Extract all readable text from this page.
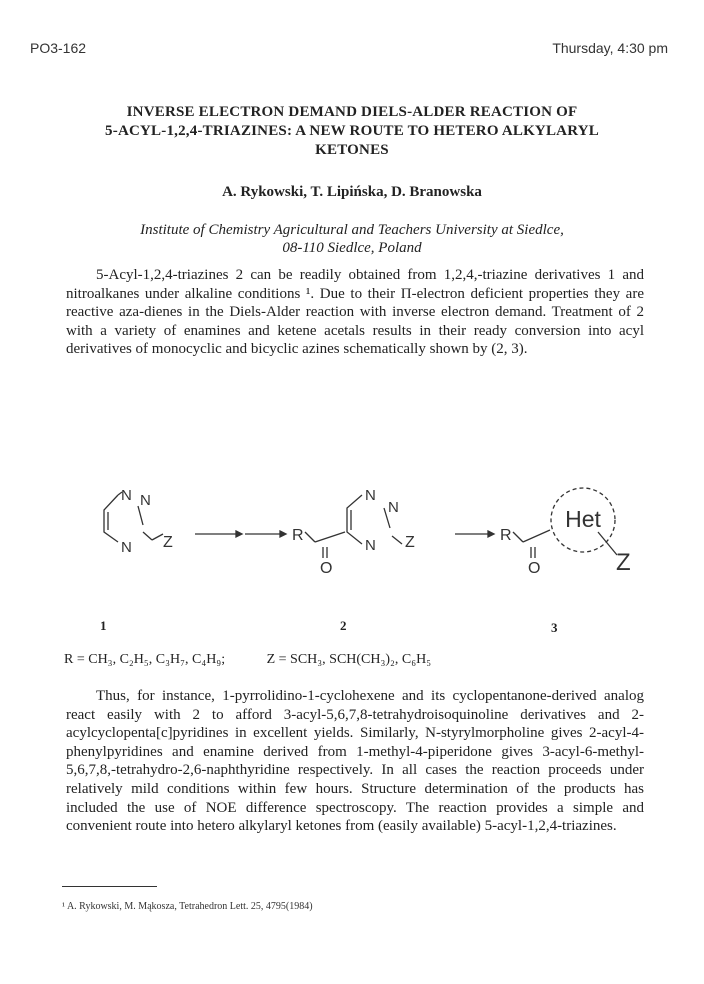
PO3-162	Thursday, 4:30 pm
INVERSE ELECTRON DEMAND DIELS-ALDER REACTION OF
5-ACYL-1,2,4-TRIAZINES: A NEW ROUTE TO HETERO ALKYLARYL
KETONES
A. Rykowski, T. Lipińska, D. Branowska
Institute of Chemistry Agricultural and Teachers University at Siedlce,
08-110 Siedlce, Poland

5-Acyl-1,2,4-triazines 2 can be readily obtained from 1,2,4,-triazine derivatives 1 and nitroalkanes under alkaline conditions ¹. Due to their Π-electron deficient properties they are reactive aza-dienes in the Diels-Alder reaction with inverse electron demand. Treatment of 2 with a variety of enamines and ketene acetals results in their ready conversion into acyl derivatives of monocyclic and bicyclic azines schematically shown by (2, 3).

N N
N Z	R
N
N
N Z
O
R
Het
O	Z
1	2	3
R = CH₃, C₂H₅, C₃H₇, C₄H₉;	Z = SCH₃, SCH(CH₃)₂, C₆H₅

Thus, for instance, 1-pyrrolidino-1-cyclohexene and its cyclopentanone-derived analog react easily with 2 to afford 3-acyl-5,6,7,8-tetrahydroisoquinoline derivatives and 2-acylcyclopenta[c]pyridines in excellent yields. Similarly, N-styrylmorpholine gives 2-acyl-4-phenylpyridines and enamine derived from 1-methyl-4-piperidone gives 3-acyl-6-methyl-5,6,7,8,-tetrahydro-2,6-naphthyridine respectively. In all cases the reaction proceeds under relatively mild conditions within few hours. Structure determination of the products has included the use of NOE difference spectroscopy. The reaction provides a simple and convenient route into hetero alkylaryl ketones from (easily available) 5-acyl-1,2,4-triazines.

¹ A. Rykowski, M. Mąkosza, Tetrahedron Lett. 25, 4795(1984)
